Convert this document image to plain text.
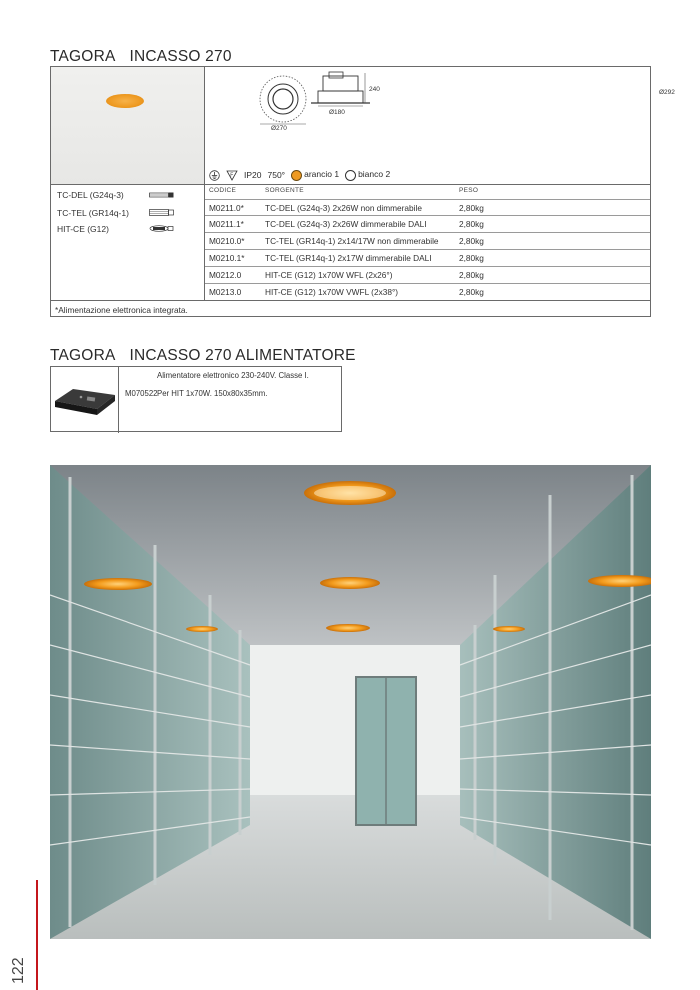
TAGORA INCASSO 270
Ø270
Ø180
240	Ø292
F IP20 750°	arancio 1	bianco 2
TC-DEL (G24q-3)
TC-TEL (GR14q-1)
HIT-CE (G12)
CODICE	SORGENTE	PESO
M0211.0*	TC-DEL (G24q-3) 2x26W non dimmerabile	2,80kg
M0211.1*	TC-DEL (G24q-3) 2x26W dimmerabile DALI	2,80kg
M0210.0* TC-TEL (GR14q-1) 2x14/17W non dimmerabile 2,80kg
M0210.1* TC-TEL (GR14q-1) 2x17W dimmerabile DALI	2,80kg
M0212.0	HIT-CE (G12) 1x70W WFL (2x26°)	2,80kg
M0213.0	HIT-CE (G12) 1x70W VWFL (2x38°)	2,80kg
*Alimentazione elettronica integrata.
TAGORA INCASSO 270 ALIMENTATORE
Alimentatore elettronico 230-240V. Classe I.
M070522 Per HIT 1x70W. 150x80x35mm.
122
